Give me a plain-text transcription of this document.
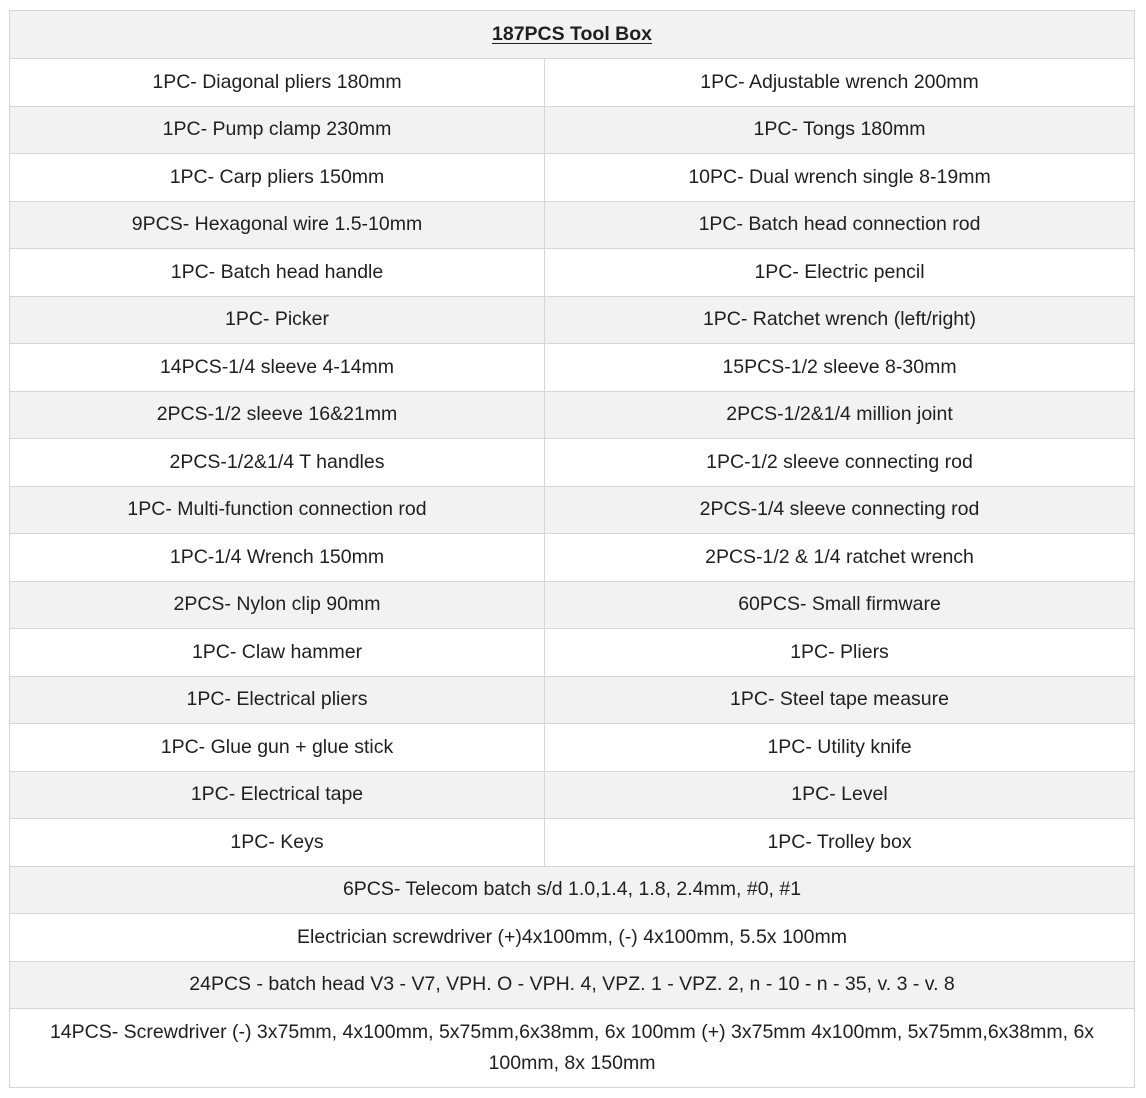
187PCS Tool Box	
1PC- Diagonal pliers 180mm	1PC- Adjustable wrench 200mm
1PC- Pump clamp 230mm	1PC- Tongs 180mm
1PC- Carp pliers 150mm	10PC- Dual wrench single 8-19mm
9PCS- Hexagonal wire 1.5-10mm	1PC- Batch head connection rod
1PC- Batch head handle	1PC- Electric pencil
1PC- Picker	1PC- Ratchet wrench (left/right)
14PCS-1/4 sleeve 4-14mm	15PCS-1/2 sleeve 8-30mm
2PCS-1/2 sleeve 16&21mm	2PCS-1/2&1/4 million joint
2PCS-1/2&1/4 T handles	1PC-1/2 sleeve connecting rod
1PC- Multi-function connection rod	2PCS-1/4 sleeve connecting rod
1PC-1/4 Wrench 150mm	2PCS-1/2 & 1/4 ratchet wrench
2PCS- Nylon clip 90mm	60PCS- Small firmware
1PC- Claw hammer	1PC- Pliers
1PC- Electrical pliers	1PC- Steel tape measure
1PC- Glue gun + glue stick	1PC- Utility knife
1PC- Electrical tape	1PC- Level
1PC- Keys	1PC- Trolley box
6PCS- Telecom batch s/d 1.0,1.4, 1.8, 2.4mm, #0, #1	
Electrician screwdriver (+)4x100mm, (-) 4x100mm, 5.5x 100mm	
24PCS - batch head V3 - V7, VPH. O - VPH. 4, VPZ. 1 - VPZ. 2, n - 10 - n - 35, v. 3 - v. 8	
14PCS- Screwdriver (-) 3x75mm, 4x100mm, 5x75mm,6x38mm, 6x 100mm (+) 3x75mm 4x100mm, 5x75mm,6x38mm, 6x 100mm, 8x 150mm	
